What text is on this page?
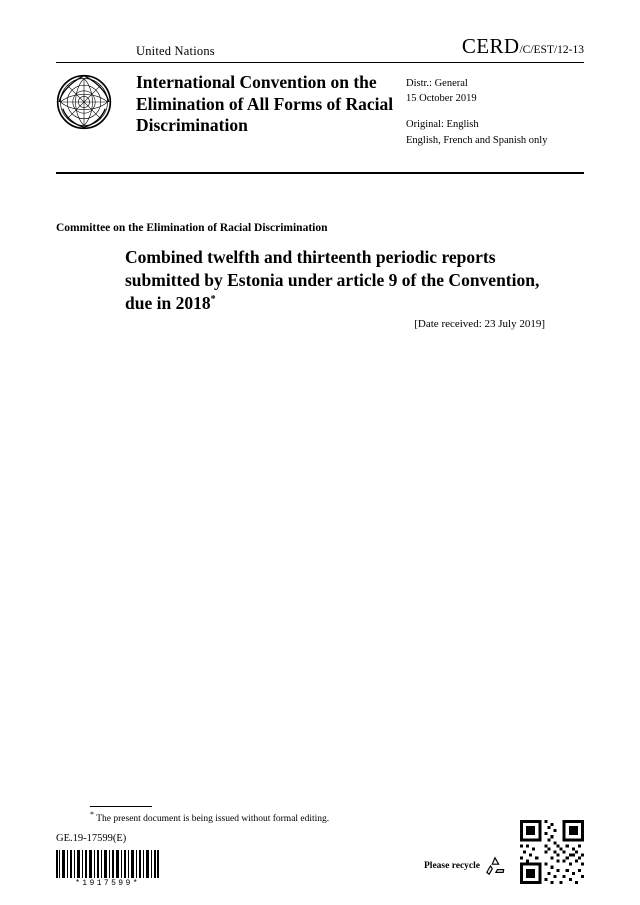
United Nations	CERD/C/EST/12-13
International Convention on the Elimination of All Forms of Racial Discrimination
Distr.: General
15 October 2019
Original: English
English, French and Spanish only
Committee on the Elimination of Racial Discrimination
Combined twelfth and thirteenth periodic reports submitted by Estonia under article 9 of the Convention, due in 2018*
[Date received: 23 July 2019]
* The present document is being issued without formal editing.
GE.19-17599(E)
*1917599*
Please recycle
